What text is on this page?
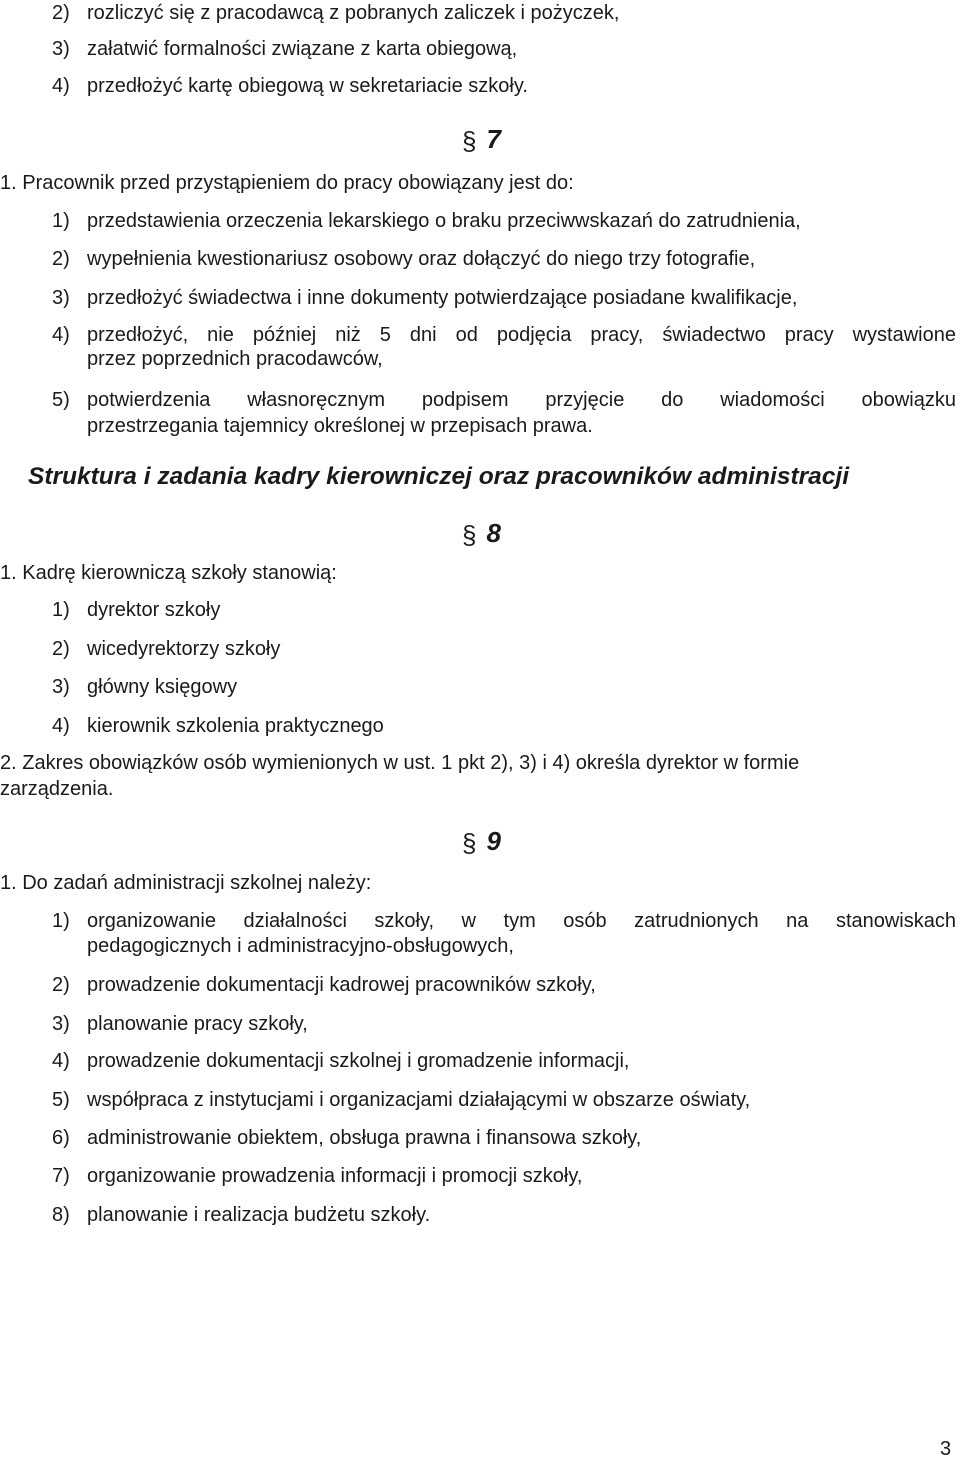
2) rozliczyć się z pracodawcą z pobranych zaliczek i pożyczek,
3) załatwić formalności związane z karta obiegową,
4) przedłożyć kartę obiegową w sekretariacie szkoły.
§ 7
1. Pracownik przed przystąpieniem do pracy obowiązany jest do:
1) przedstawienia orzeczenia lekarskiego o braku przeciwwskazań do zatrudnienia,
2) wypełnienia kwestionariusz osobowy oraz dołączyć do niego trzy fotografie,
3) przedłożyć świadectwa i inne dokumenty potwierdzające posiadane kwalifikacje,
4) przedłożyć, nie później niż 5 dni od podjęcia pracy, świadectwo pracy wystawione
przez poprzednich pracodawców,
5) potwierdzenia własnoręcznym podpisem przyjęcie do wiadomości obowiązku
przestrzegania tajemnicy określonej w przepisach prawa.
Struktura i zadania kadry kierowniczej oraz pracowników administracji
§ 8
1. Kadrę kierowniczą szkoły stanowią:
1) dyrektor szkoły
2) wicedyrektorzy szkoły
3) główny księgowy
4) kierownik szkolenia praktycznego
2. Zakres obowiązków osób wymienionych w ust. 1 pkt 2), 3) i 4) określa dyrektor w formie
zarządzenia.
§ 9
1. Do zadań administracji szkolnej należy:
1) organizowanie działalności szkoły, w tym osób zatrudnionych na stanowiskach
pedagogicznych i administracyjno-obsługowych,
2) prowadzenie dokumentacji kadrowej pracowników szkoły,
3) planowanie pracy szkoły,
4) prowadzenie dokumentacji szkolnej i gromadzenie informacji,
5) współpraca z instytucjami i organizacjami działającymi w obszarze oświaty,
6) administrowanie obiektem, obsługa prawna i finansowa szkoły,
7) organizowanie prowadzenia informacji i promocji szkoły,
8) planowanie i realizacja budżetu szkoły.
3
